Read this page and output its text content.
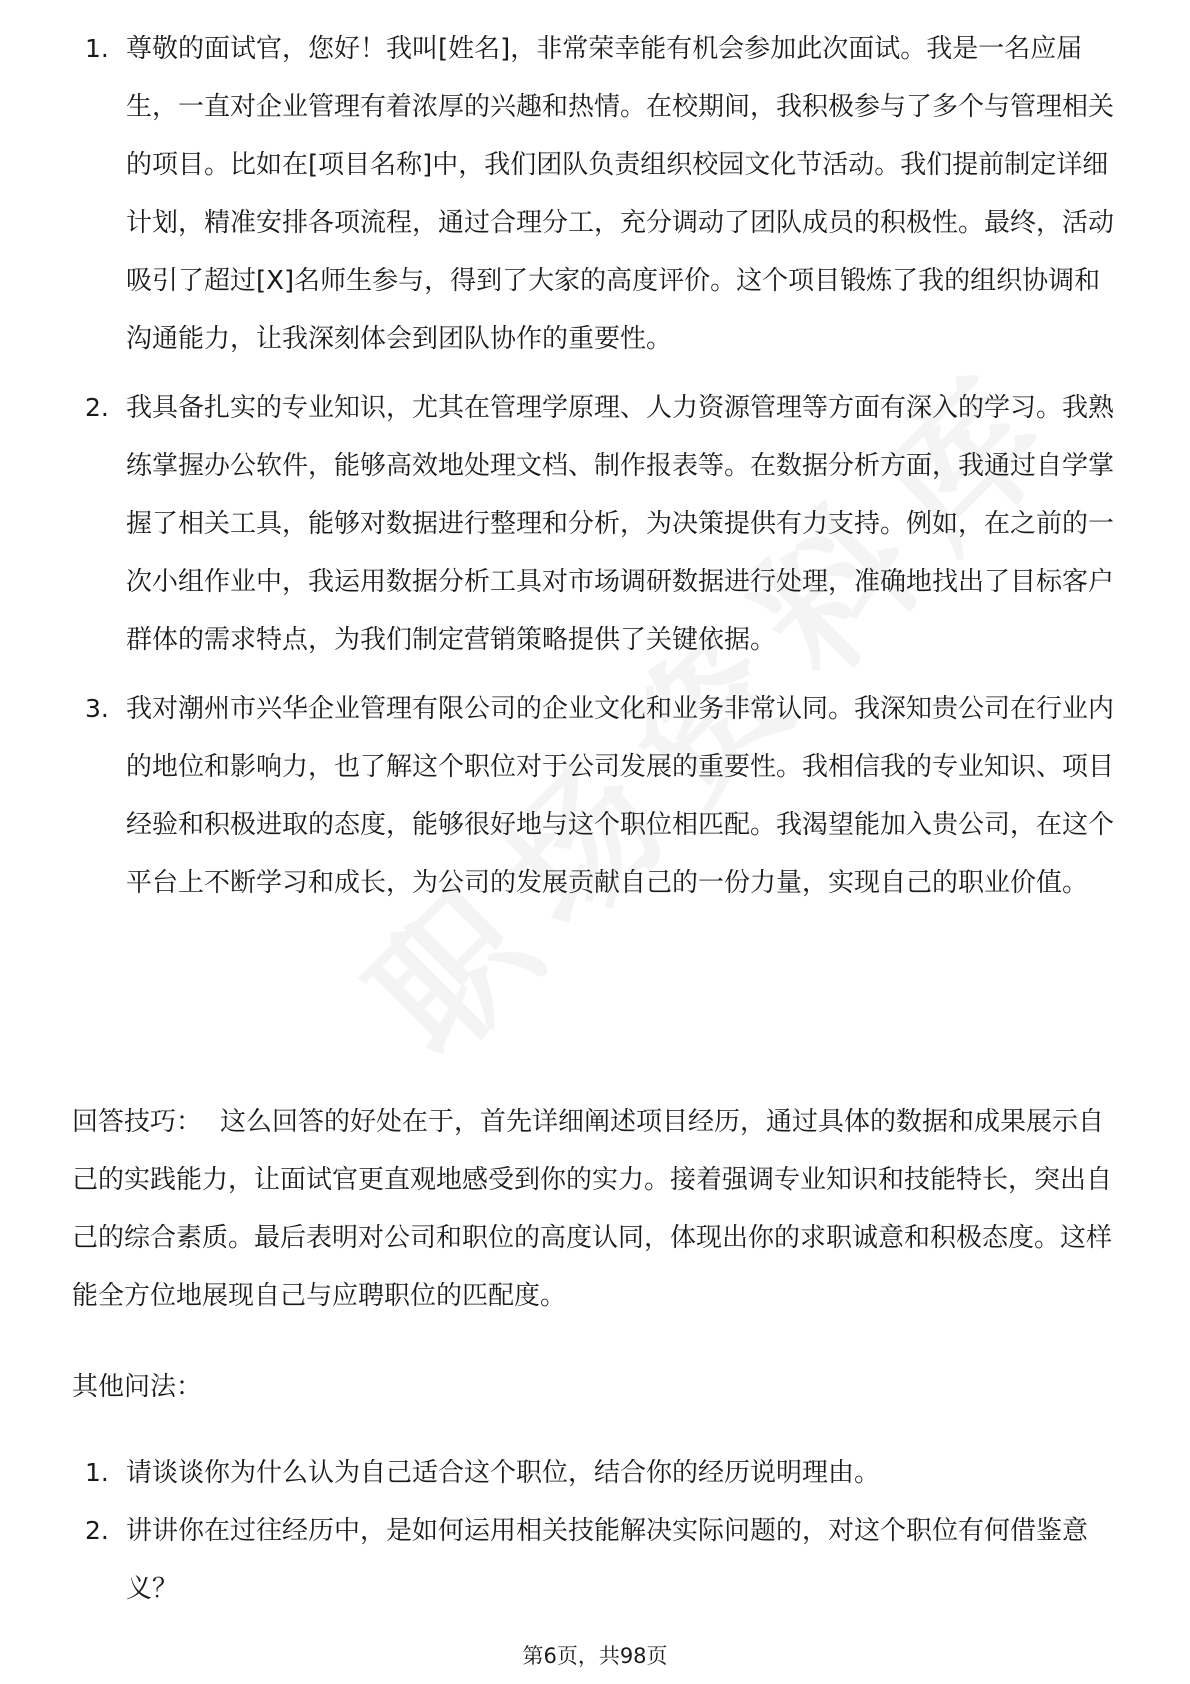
1. 尊敬的面试官，您好！我叫[姓名]，非常荣幸能有机会参加此次面试。我是一名应届生，一直对企业管理有着浓厚的兴趣和热情。在校期间，我积极参与了多个与管理相关的项目。比如在[项目名称]中，我们团队负责组织校园文化节活动。我们提前制定详细计划，精准安排各项流程，通过合理分工，充分调动了团队成员的积极性。最终，活动吸引了超过[X]名师生参与，得到了大家的高度评价。这个项目锻炼了我的组织协调和沟通能力，让我深刻体会到团队协作的重要性。
2. 我具备扎实的专业知识，尤其在管理学原理、人力资源管理等方面有深入的学习。我熟练掌握办公软件，能够高效地处理文档、制作报表等。在数据分析方面，我通过自学掌握了相关工具，能够对数据进行整理和分析，为决策提供有力支持。例如，在之前的一次小组作业中，我运用数据分析工具对市场调研数据进行处理，准确地找出了目标客户群体的需求特点，为我们制定营销策略提供了关键依据。
3. 我对潮州市兴华企业管理有限公司的企业文化和业务非常认同。我深知贵公司在行业内的地位和影响力，也了解这个职位对于公司发展的重要性。我相信我的专业知识、项目经验和积极进取的态度，能够很好地与这个职位相匹配。我渴望能加入贵公司，在这个平台上不断学习和成长，为公司的发展贡献自己的一份力量，实现自己的职业价值。
回答技巧： 这么回答的好处在于，首先详细阐述项目经历，通过具体的数据和成果展示自己的实践能力，让面试官更直观地感受到你的实力。接着强调专业知识和技能特长，突出自己的综合素质。最后表明对公司和职位的高度认同，体现出你的求职诚意和积极态度。这样能全方位地展现自己与应聘职位的匹配度。
其他问法：
1. 请谈谈你为什么认为自己适合这个职位，结合你的经历说明理由。
2. 讲讲你在过往经历中，是如何运用相关技能解决实际问题的，对这个职位有何借鉴意义？
第6页，共98页
